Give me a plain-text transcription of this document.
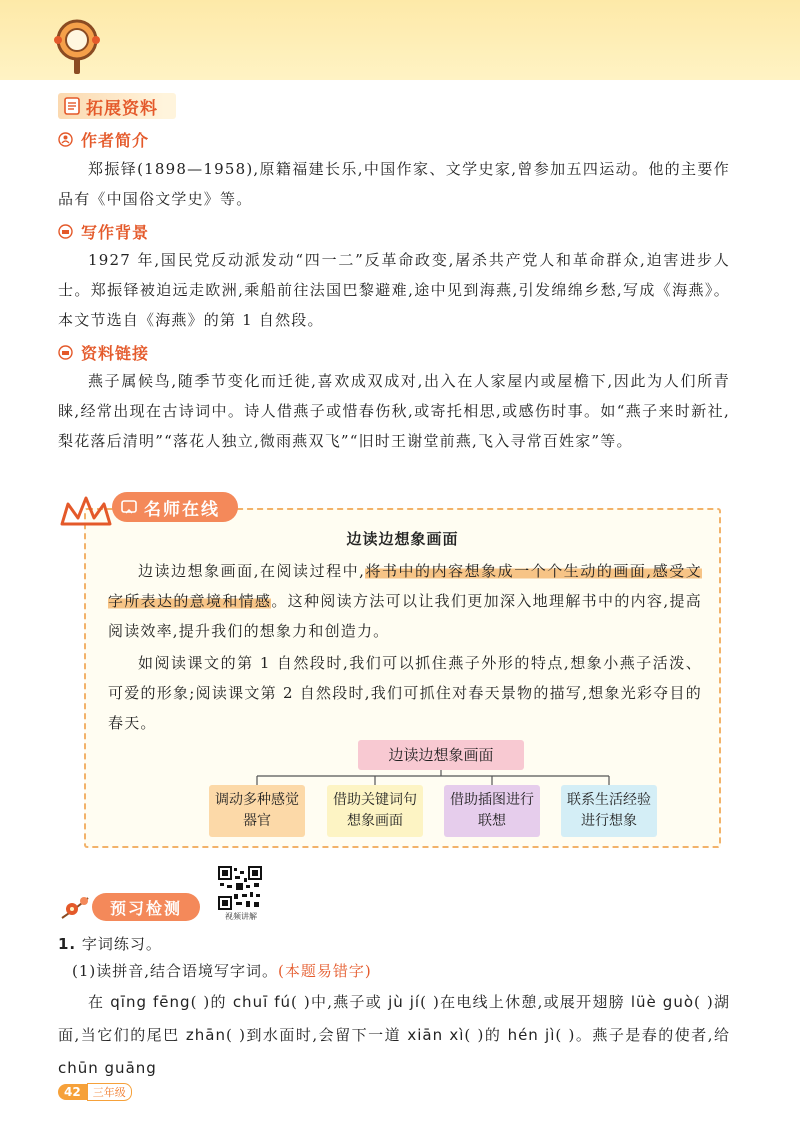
拓展资料
作者简介
郑振铎(1898—1958),原籍福建长乐,中国作家、文学史家,曾参加五四运动。他的主要作品有《中国俗文学史》等。
写作背景
1927 年,国民党反动派发动“四一二”反革命政变,屠杀共产党人和革命群众,迫害进步人士。郑振铎被迫远走欧洲,乘船前往法国巴黎避难,途中见到海燕,引发绵绵乡愁,写成《海燕》。本文节选自《海燕》的第 1 自然段。
资料链接
燕子属候鸟,随季节变化而迁徙,喜欢成双成对,出入在人家屋内或屋檐下,因此为人们所青睐,经常出现在古诗词中。诗人借燕子或惜春伤秋,或寄托相思,或感伤时事。如“燕子来时新社,梨花落后清明”“落花人独立,微雨燕双飞”“旧时王谢堂前燕,飞入寻常百姓家”等。
边读边想象画面
边读边想象画面,在阅读过程中,将书中的内容想象成一个个生动的画面,感受文字所表达的意境和情感。这种阅读方法可以让我们更加深入地理解书中的内容,提高阅读效率,提升我们的想象力和创造力。
如阅读课文的第 1 自然段时,我们可以抓住燕子外形的特点,想象小燕子活泼、可爱的形象;阅读课文第 2 自然段时,我们可抓住对春天景物的描写,想象光彩夺目的春天。
名师在线
边读边想象画面
调动多种感觉器官
借助关键词句想象画面
借助插图进行联想
联系生活经验进行想象
预习检测	视频讲解
1. 字词练习。
(1)读拼音,结合语境写字词。(本题易错字)
在 qīng fēng( )的 chuī fú( )中,燕子或 jù jí( )在电线上休憩,或展开翅膀 lüè guò( )湖面,当它们的尾巴 zhān( )到水面时,会留下一道 xiān xì( )的 hén jì( )。燕子是春的使者,给 chūn guāng
42	三年级
